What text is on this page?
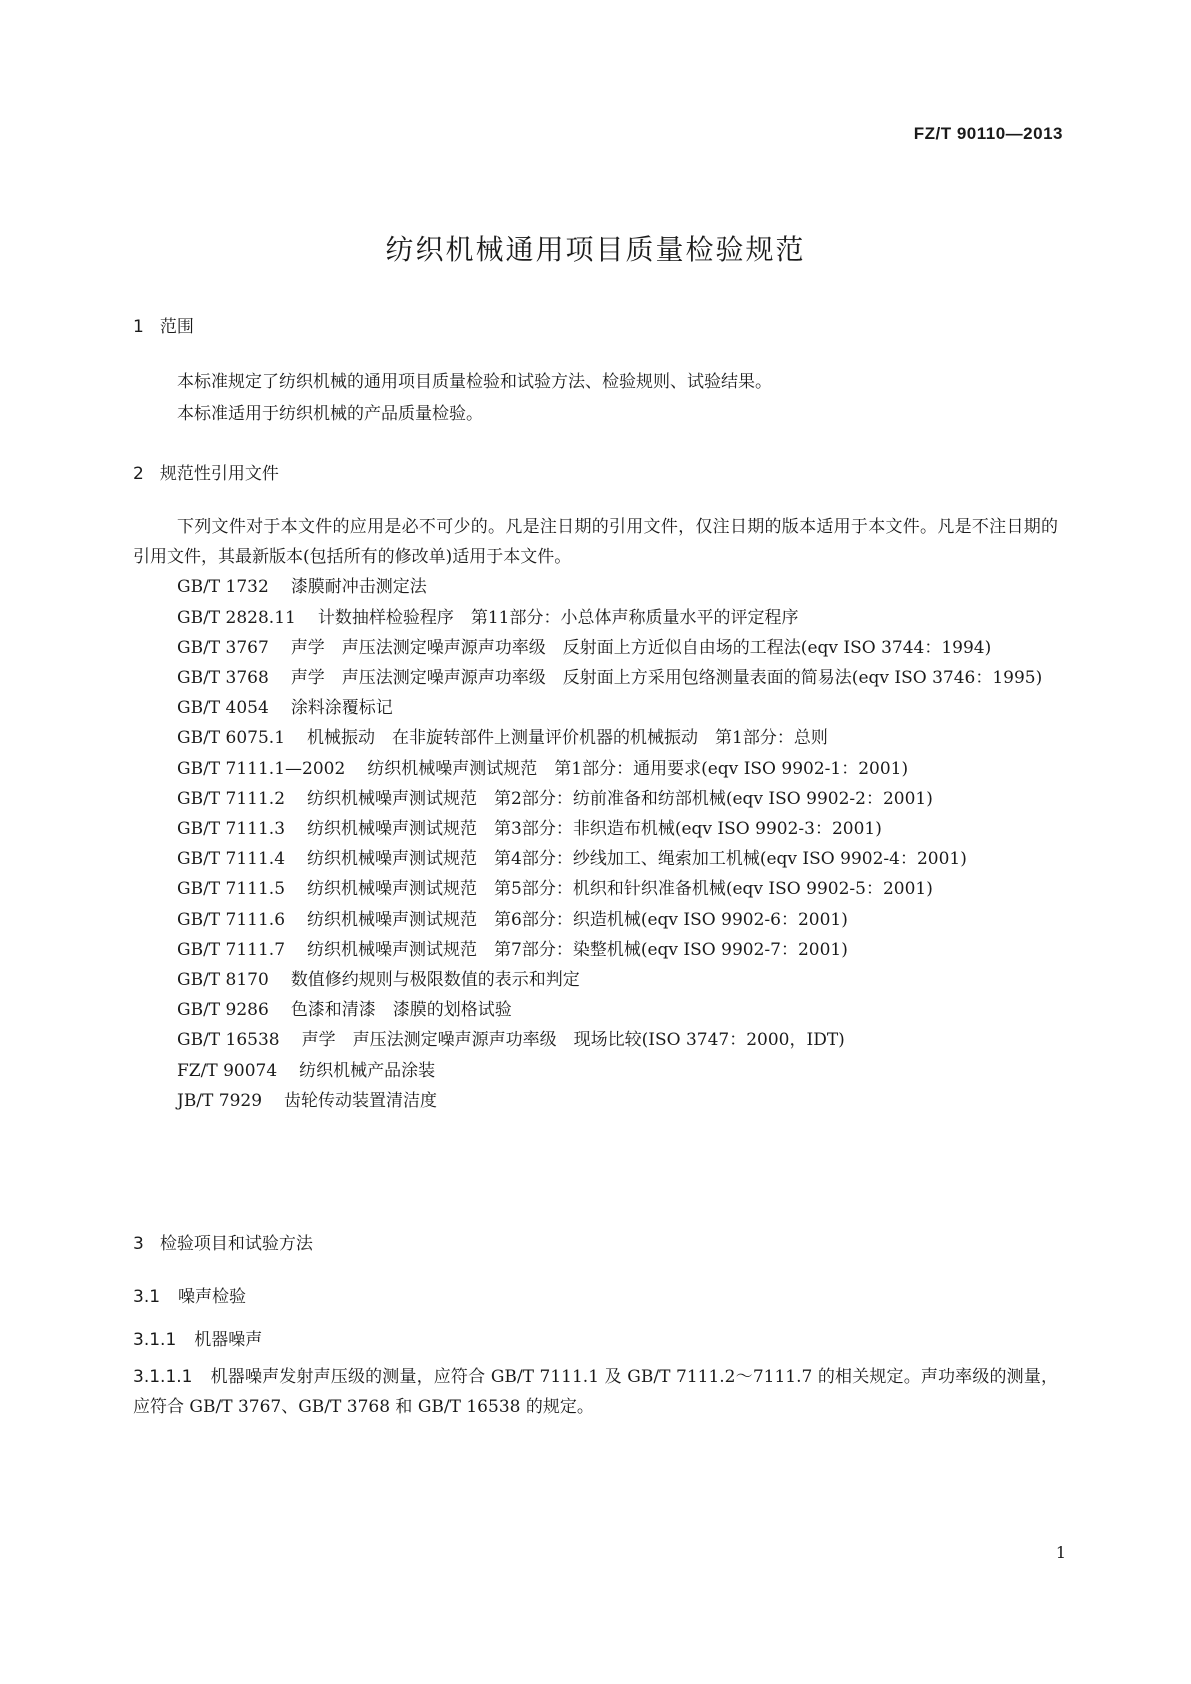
FZ/T 90110—2013
纺织机械通用项目质量检验规范
1 范围

本标准规定了纺织机械的通用项目质量检验和试验方法、检验规则、试验结果。

本标准适用于纺织机械的产品质量检验。

2 规范性引用文件

下列文件对于本文件的应用是必不可少的。凡是注日期的引用文件，仅注日期的版本适用于本文件。凡是不注日期的引用文件，其最新版本(包括所有的修改单)适用于本文件。

GB/T 1732 漆膜耐冲击测定法

GB/T 2828.11 计数抽样检验程序　第11部分：小总体声称质量水平的评定程序

GB/T 3767 声学　声压法测定噪声源声功率级　反射面上方近似自由场的工程法(eqv ISO 3744：1994)

GB/T 3768 声学　声压法测定噪声源声功率级　反射面上方采用包络测量表面的简易法(eqv ISO 3746：1995)

GB/T 4054 涂料涂覆标记

GB/T 6075.1 机械振动　在非旋转部件上测量评价机器的机械振动　第1部分：总则

GB/T 7111.1—2002 纺织机械噪声测试规范　第1部分：通用要求(eqv ISO 9902-1：2001)

GB/T 7111.2 纺织机械噪声测试规范　第2部分：纺前准备和纺部机械(eqv ISO 9902-2：2001)

GB/T 7111.3 纺织机械噪声测试规范　第3部分：非织造布机械(eqv ISO 9902-3：2001)

GB/T 7111.4 纺织机械噪声测试规范　第4部分：纱线加工、绳索加工机械(eqv ISO 9902-4：2001)

GB/T 7111.5 纺织机械噪声测试规范　第5部分：机织和针织准备机械(eqv ISO 9902-5：2001)

GB/T 7111.6 纺织机械噪声测试规范　第6部分：织造机械(eqv ISO 9902-6：2001)

GB/T 7111.7 纺织机械噪声测试规范　第7部分：染整机械(eqv ISO 9902-7：2001)

GB/T 8170 数值修约规则与极限数值的表示和判定

GB/T 9286 色漆和清漆　漆膜的划格试验

GB/T 16538 声学　声压法测定噪声源声功率级　现场比较(ISO 3747：2000，IDT)

FZ/T 90074 纺织机械产品涂装

JB/T 7929 齿轮传动装置清洁度

3 检验项目和试验方法
3.1 噪声检验
3.1.1 机器噪声

3.1.1.1 机器噪声发射声压级的测量，应符合 GB/T 7111.1 及 GB/T 7111.2～7111.7 的相关规定。声功率级的测量，应符合 GB/T 3767、GB/T 3768 和 GB/T 16538 的规定。

1
